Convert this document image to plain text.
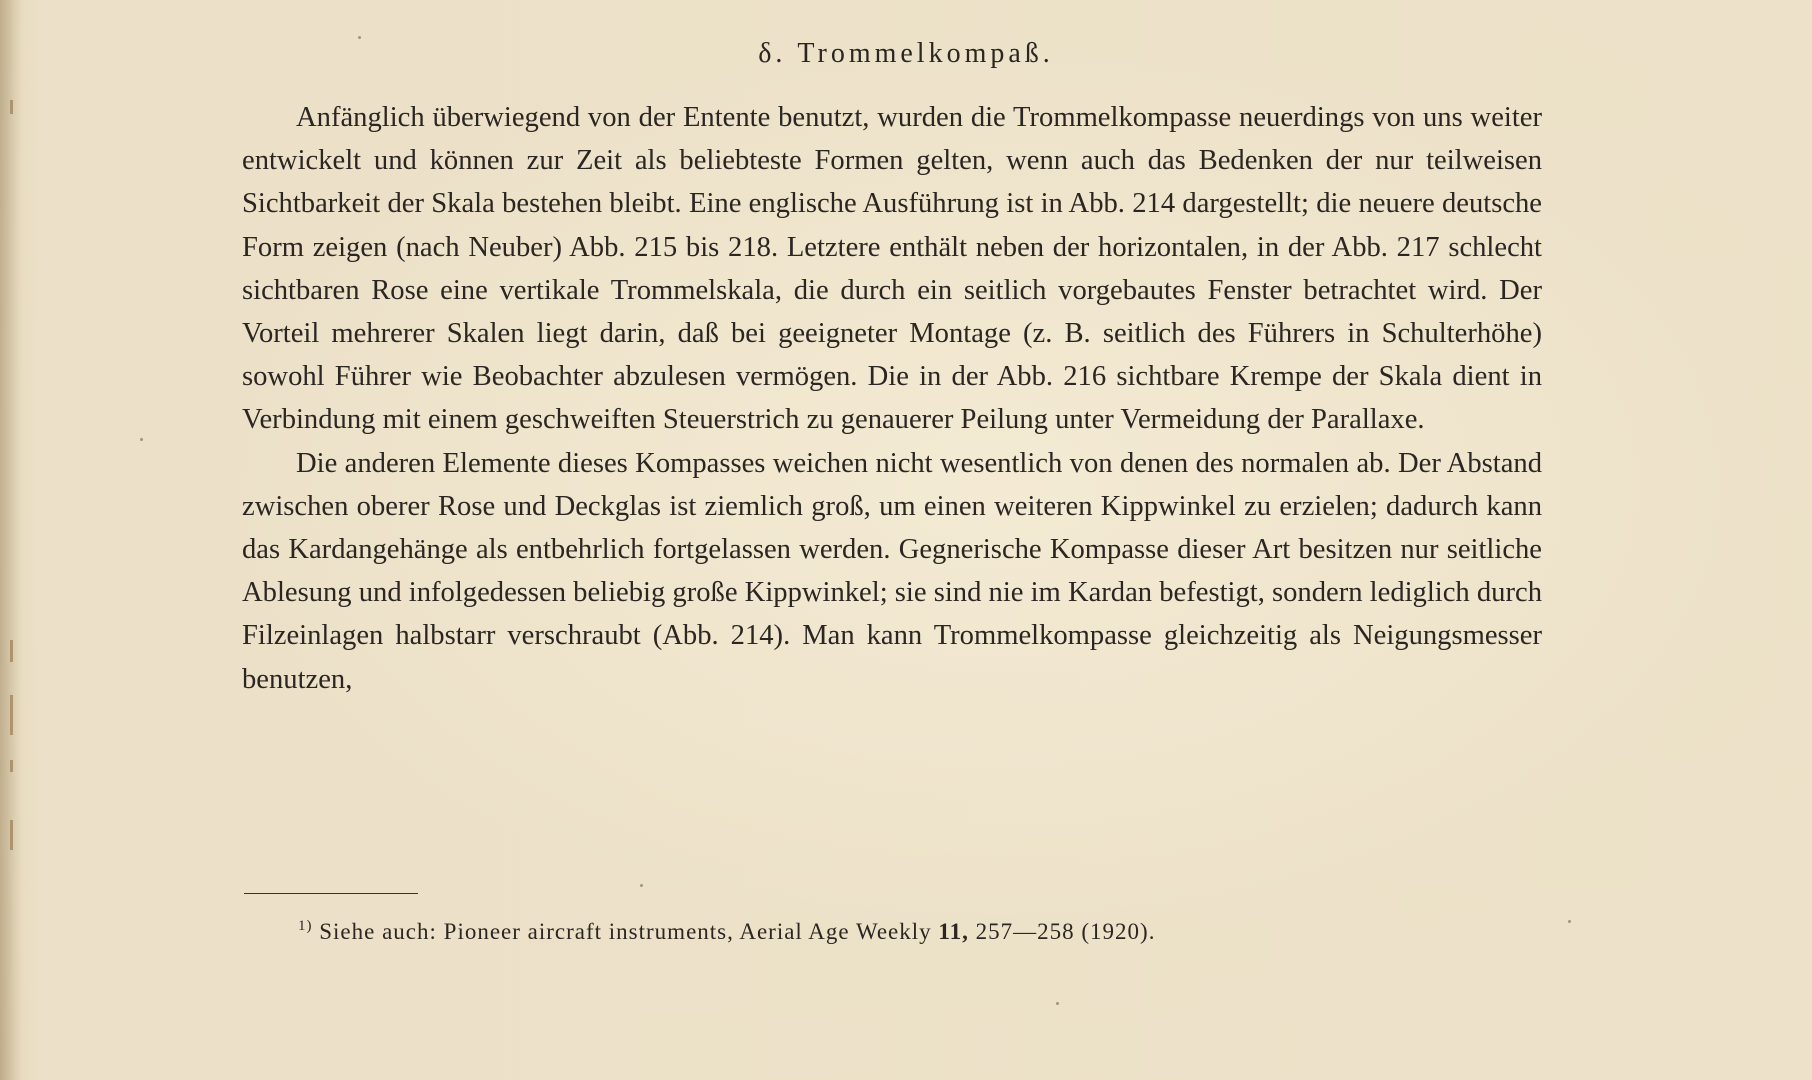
δ. Trommelkompaß.

Anfänglich überwiegend von der Entente benutzt, wurden die Trommelkompasse neuerdings von uns weiter entwickelt und können zur Zeit als beliebteste Formen gelten, wenn auch das Bedenken der nur teilweisen Sichtbarkeit der Skala bestehen bleibt. Eine englische Ausführung ist in Abb. 214 dargestellt; die neuere deutsche Form zeigen (nach Neuber) Abb. 215 bis 218. Letztere enthält neben der horizontalen, in der Abb. 217 schlecht sichtbaren Rose eine vertikale Trommelskala, die durch ein seitlich vorgebautes Fenster betrachtet wird. Der Vorteil mehrerer Skalen liegt darin, daß bei geeigneter Montage (z. B. seitlich des Führers in Schulterhöhe) sowohl Führer wie Beobachter abzulesen vermögen. Die in der Abb. 216 sichtbare Krempe der Skala dient in Verbindung mit einem geschweiften Steuerstrich zu genauerer Peilung unter Vermeidung der Parallaxe.

Die anderen Elemente dieses Kompasses weichen nicht wesentlich von denen des normalen ab. Der Abstand zwischen oberer Rose und Deckglas ist ziemlich groß, um einen weiteren Kippwinkel zu erzielen; dadurch kann das Kardangehänge als entbehrlich fortgelassen werden. Gegnerische Kompasse dieser Art besitzen nur seitliche Ablesung und infolgedessen beliebig große Kippwinkel; sie sind nie im Kardan befestigt, sondern lediglich durch Filzeinlagen halbstarr verschraubt (Abb. 214). Man kann Trommelkompasse gleichzeitig als Neigungsmesser benutzen,

$^{1)}$ Siehe auch: Pioneer aircraft instruments, Aerial Age Weekly 11, 257—258 (1920).
